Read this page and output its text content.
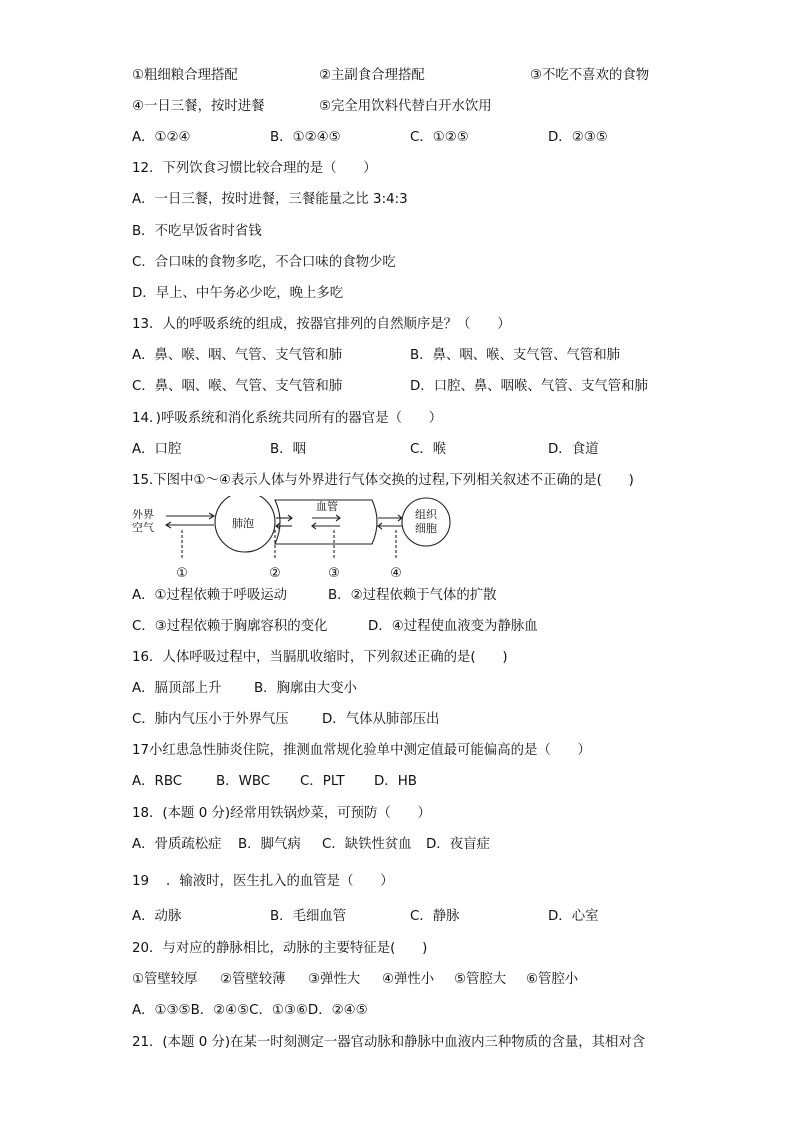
①粗细粮合理搭配	②主副食合理搭配	③不吃不喜欢的食物
④一日三餐，按时进餐	⑤完全用饮料代替白开水饮用
A．①②④	B．①②④⑤	C．①②⑤	D．②③⑤
12．下列饮食习惯比较合理的是（　　）
A．一日三餐，按时进餐，三餐能量之比 3:4:3
B．不吃早饭省时省钱
C．合口味的食物多吃，不合口味的食物少吃
D．早上、中午务必少吃，晚上多吃
13．人的呼吸系统的组成，按器官排列的自然顺序是？（　　）
A．鼻、喉、咽、气管、支气管和肺	B．鼻、咽、喉、支气管、气管和肺
C．鼻、咽、喉、气管、支气管和肺	D．口腔、鼻、咽喉、气管、支气管和肺
14．)呼吸系统和消化系统共同所有的器官是（　　）
A．口腔	B．咽	C．喉	D．食道
15.下图中①～④表示人体与外界进行气体交换的过程,下列相关叙述不正确的是(　　)
外界
空气	肺泡
血管
组织
细胞
①	②	③	④
A．①过程依赖于呼吸运动	B．②过程依赖于气体的扩散
C．③过程依赖于胸廓容积的变化	D．④过程使血液变为静脉血
16．人体呼吸过程中，当膈肌收缩时，下列叙述正确的是(　　)
A．膈顶部上升 B．胸廓由大变小
C．肺内气压小于外界气压 D．气体从肺部压出
17小红患急性肺炎住院，推测血常规化验单中测定值最可能偏高的是（　　）
A．RBC	B．WBC C．PLT D．HB
18．(本题 0 分)经常用铁锅炒菜，可预防（　　）
A．骨质疏松症 B．脚气病 C．缺铁性贫血 D．夜盲症
19 ．输液时，医生扎入的血管是（　　）
A．动脉	B．毛细血管	C．静脉	D．心室
20．与对应的静脉相比，动脉的主要特征是(　　)
①管壁较厚 ②管壁较薄 ③弹性大 ④弹性小 ⑤管腔大 ⑥管腔小
A．①③⑤B．②④⑤C．①③⑥D．②④⑤
21．(本题 0 分)在某一时刻测定一器官动脉和静脉中血液内三种物质的含量，其相对含
